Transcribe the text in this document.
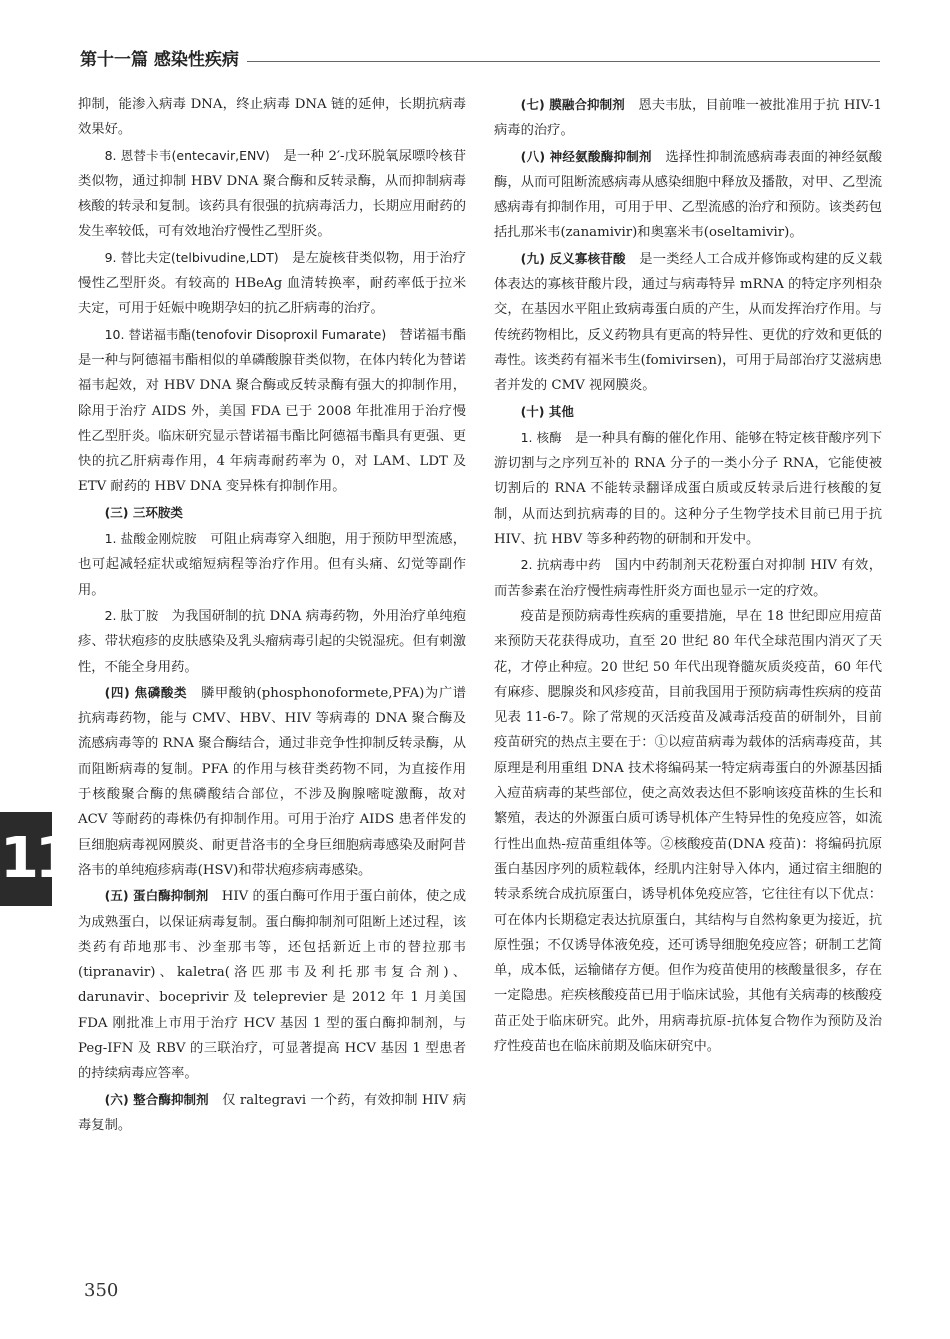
第十一篇 感染性疾病

抑制，能渗入病毒 DNA，终止病毒 DNA 链的延伸，长期抗病毒效果好。

8. 恩替卡韦(entecavir,ENV)　 是一种 2′-戊环脱氧尿嘌呤核苷类似物，通过抑制 HBV DNA 聚合酶和反转录酶，从而抑制病毒核酸的转录和复制。该药具有很强的抗病毒活力，长期应用耐药的发生率较低，可有效地治疗慢性乙型肝炎。

9. 替比夫定(telbivudine,LDT)　 是左旋核苷类似物，用于治疗慢性乙型肝炎。有较高的 HBeAg 血清转换率，耐药率低于拉米夫定，可用于妊娠中晚期孕妇的抗乙肝病毒的治疗。

10. 替诺福韦酯(tenofovir Disoproxil Fumarate)　 替诺福韦酯是一种与阿德福韦酯相似的单磷酸腺苷类似物，在体内转化为替诺福韦起效，对 HBV DNA 聚合酶或反转录酶有强大的抑制作用，除用于治疗 AIDS 外，美国 FDA 已于 2008 年批准用于治疗慢性乙型肝炎。临床研究显示替诺福韦酯比阿德福韦酯具有更强、更快的抗乙肝病毒作用，4 年病毒耐药率为 0，对 LAM、LDT 及 ETV 耐药的 HBV DNA 变异株有抑制作用。

(三) 三环胺类

1. 盐酸金刚烷胺　 可阻止病毒穿入细胞，用于预防甲型流感，也可起减轻症状或缩短病程等治疗作用。但有头痛、幻觉等副作用。

2. 肽丁胺　 为我国研制的抗 DNA 病毒药物，外用治疗单纯疱疹、带状疱疹的皮肤感染及乳头瘤病毒引起的尖锐湿疣。但有刺激性，不能全身用药。

(四) 焦磷酸类　 膦甲酸钠(phosphonoformete,PFA)为广谱抗病毒药物，能与 CMV、HBV、HIV 等病毒的 DNA 聚合酶及流感病毒等的 RNA 聚合酶结合，通过非竞争性抑制反转录酶，从而阻断病毒的复制。PFA 的作用与核苷类药物不同，为直接作用于核酸聚合酶的焦磷酸结合部位，不涉及胸腺嘧啶激酶，故对 ACV 等耐药的毒株仍有抑制作用。可用于治疗 AIDS 患者伴发的巨细胞病毒视网膜炎、耐更昔洛韦的全身巨细胞病毒感染及耐阿昔洛韦的单纯疱疹病毒(HSV)和带状疱疹病毒感染。

(五) 蛋白酶抑制剂　 HIV 的蛋白酶可作用于蛋白前体，使之成为成熟蛋白，以保证病毒复制。蛋白酶抑制剂可阻断上述过程，该类药有茚地那韦、沙奎那韦等，还包括新近上市的替拉那韦(tipranavir)、kaletra(洛匹那韦及利托那韦复合剂)、darunavir、boceprivir 及 teleprevier 是 2012 年 1 月美国 FDA 刚批准上市用于治疗 HCV 基因 1 型的蛋白酶抑制剂，与 Peg-IFN 及 RBV 的三联治疗，可显著提高 HCV 基因 1 型患者的持续病毒应答率。

(六) 整合酶抑制剂　 仅 raltegravi 一个药，有效抑制 HIV 病毒复制。

(七) 膜融合抑制剂　 恩夫韦肽，目前唯一被批准用于抗 HIV-1 病毒的治疗。

(八) 神经氨酸酶抑制剂　 选择性抑制流感病毒表面的神经氨酸酶，从而可阻断流感病毒从感染细胞中释放及播散，对甲、乙型流感病毒有抑制作用，可用于甲、乙型流感的治疗和预防。该类药包括扎那米韦(zanamivir)和奥塞米韦(oseltamivir)。

(九) 反义寡核苷酸　 是一类经人工合成并修饰或构建的反义载体表达的寡核苷酸片段，通过与病毒特异 mRNA 的特定序列相杂交，在基因水平阻止致病毒蛋白质的产生，从而发挥治疗作用。与传统药物相比，反义药物具有更高的特异性、更优的疗效和更低的毒性。该类药有福米韦生(fomivirsen)，可用于局部治疗艾滋病患者并发的 CMV 视网膜炎。

(十) 其他

1. 核酶　 是一种具有酶的催化作用、能够在特定核苷酸序列下游切割与之序列互补的 RNA 分子的一类小分子 RNA，它能使被切割后的 RNA 不能转录翻译成蛋白质或反转录后进行核酸的复制，从而达到抗病毒的目的。这种分子生物学技术目前已用于抗 HIV、抗 HBV 等多种药物的研制和开发中。

2. 抗病毒中药　 国内中药制剂天花粉蛋白对抑制 HIV 有效，而苦参素在治疗慢性病毒性肝炎方面也显示一定的疗效。

疫苗是预防病毒性疾病的重要措施，早在 18 世纪即应用痘苗来预防天花获得成功，直至 20 世纪 80 年代全球范围内消灭了天花，才停止种痘。20 世纪 50 年代出现脊髓灰质炎疫苗，60 年代有麻疹、腮腺炎和风疹疫苗，目前我国用于预防病毒性疾病的疫苗见表 11-6-7。除了常规的灭活疫苗及减毒活疫苗的研制外，目前疫苗研究的热点主要在于：①以痘苗病毒为载体的活病毒疫苗，其原理是利用重组 DNA 技术将编码某一特定病毒蛋白的外源基因插入痘苗病毒的某些部位，使之高效表达但不影响该疫苗株的生长和繁殖，表达的外源蛋白质可诱导机体产生特异性的免疫应答，如流行性出血热-痘苗重组体等。②核酸疫苗(DNA 疫苗)：将编码抗原蛋白基因序列的质粒载体，经肌内注射导入体内，通过宿主细胞的转录系统合成抗原蛋白，诱导机体免疫应答，它往往有以下优点：可在体内长期稳定表达抗原蛋白，其结构与自然构象更为接近，抗原性强；不仅诱导体液免疫，还可诱导细胞免疫应答；研制工艺简单，成本低，运输储存方便。但作为疫苗使用的核酸量很多，存在一定隐患。疟疾核酸疫苗已用于临床试验，其他有关病毒的核酸疫苗正处于临床研究。此外，用病毒抗原-抗体复合物作为预防及治疗性疫苗也在临床前期及临床研究中。

11
350
